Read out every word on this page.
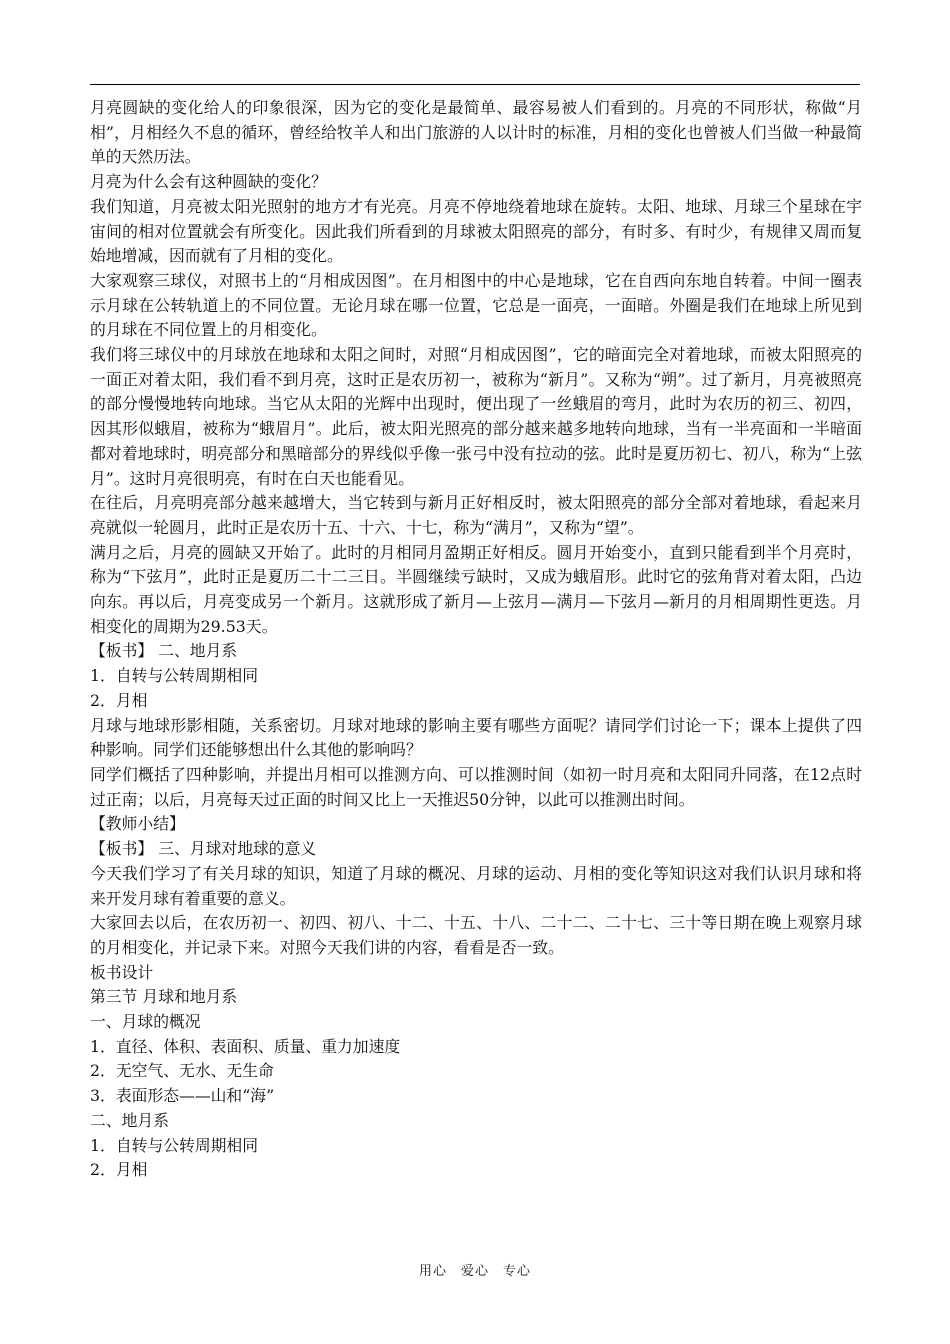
月亮圆缺的变化给人的印象很深，因为它的变化是最简单、最容易被人们看到的。月亮的不同形状，称做“月相”，月相经久不息的循环，曾经给牧羊人和出门旅游的人以计时的标准，月相的变化也曾被人们当做一种最简单的天然历法。

月亮为什么会有这种圆缺的变化？

我们知道，月亮被太阳光照射的地方才有光亮。月亮不停地绕着地球在旋转。太阳、地球、月球三个星球在宇宙间的相对位置就会有所变化。因此我们所看到的月球被太阳照亮的部分，有时多、有时少，有规律又周而复始地增减，因而就有了月相的变化。

大家观察三球仪，对照书上的“月相成因图”。在月相图中的中心是地球，它在自西向东地自转着。中间一圈表示月球在公转轨道上的不同位置。无论月球在哪一位置，它总是一面亮，一面暗。外圈是我们在地球上所见到的月球在不同位置上的月相变化。

我们将三球仪中的月球放在地球和太阳之间时，对照“月相成因图”，它的暗面完全对着地球，而被太阳照亮的一面正对着太阳，我们看不到月亮，这时正是农历初一，被称为“新月”。又称为“朔”。过了新月，月亮被照亮的部分慢慢地转向地球。当它从太阳的光辉中出现时，便出现了一丝蛾眉的弯月，此时为农历的初三、初四，因其形似蛾眉，被称为“蛾眉月”。此后，被太阳光照亮的部分越来越多地转向地球，当有一半亮面和一半暗面都对着地球时，明亮部分和黑暗部分的界线似乎像一张弓中没有拉动的弦。此时是夏历初七、初八，称为“上弦月”。这时月亮很明亮，有时在白天也能看见。

在往后，月亮明亮部分越来越增大，当它转到与新月正好相反时，被太阳照亮的部分全部对着地球，看起来月亮就似一轮圆月，此时正是农历十五、十六、十七，称为“满月”，又称为“望”。

满月之后，月亮的圆缺又开始了。此时的月相同月盈期正好相反。圆月开始变小，直到只能看到半个月亮时，称为“下弦月”，此时正是夏历二十二三日。半圆继续亏缺时，又成为蛾眉形。此时它的弦角背对着太阳，凸边向东。再以后，月亮变成另一个新月。这就形成了新月—上弦月—满月—下弦月—新月的月相周期性更迭。月相变化的周期为29.53天。

【板书】 二、地月系

1．自转与公转周期相同

2．月相

月球与地球形影相随，关系密切。月球对地球的影响主要有哪些方面呢？请同学们讨论一下；课本上提供了四种影响。同学们还能够想出什么其他的影响吗？

同学们概括了四种影响，并提出月相可以推测方向、可以推测时间（如初一时月亮和太阳同升同落，在12点时过正南；以后，月亮每天过正面的时间又比上一天推迟50分钟，以此可以推测出时间。

【教师小结】

【板书】 三、月球对地球的意义

今天我们学习了有关月球的知识，知道了月球的概况、月球的运动、月相的变化等知识这对我们认识月球和将来开发月球有着重要的意义。

大家回去以后，在农历初一、初四、初八、十二、十五、十八、二十二、二十七、三十等日期在晚上观察月球的月相变化，并记录下来。对照今天我们讲的内容，看看是否一致。

板书设计

第三节 月球和地月系

一、月球的概况

1．直径、体积、表面积、质量、重力加速度

2．无空气、无水、无生命

3．表面形态——山和“海”

二、地月系

1．自转与公转周期相同

2．月相

用心　爱心　专心
